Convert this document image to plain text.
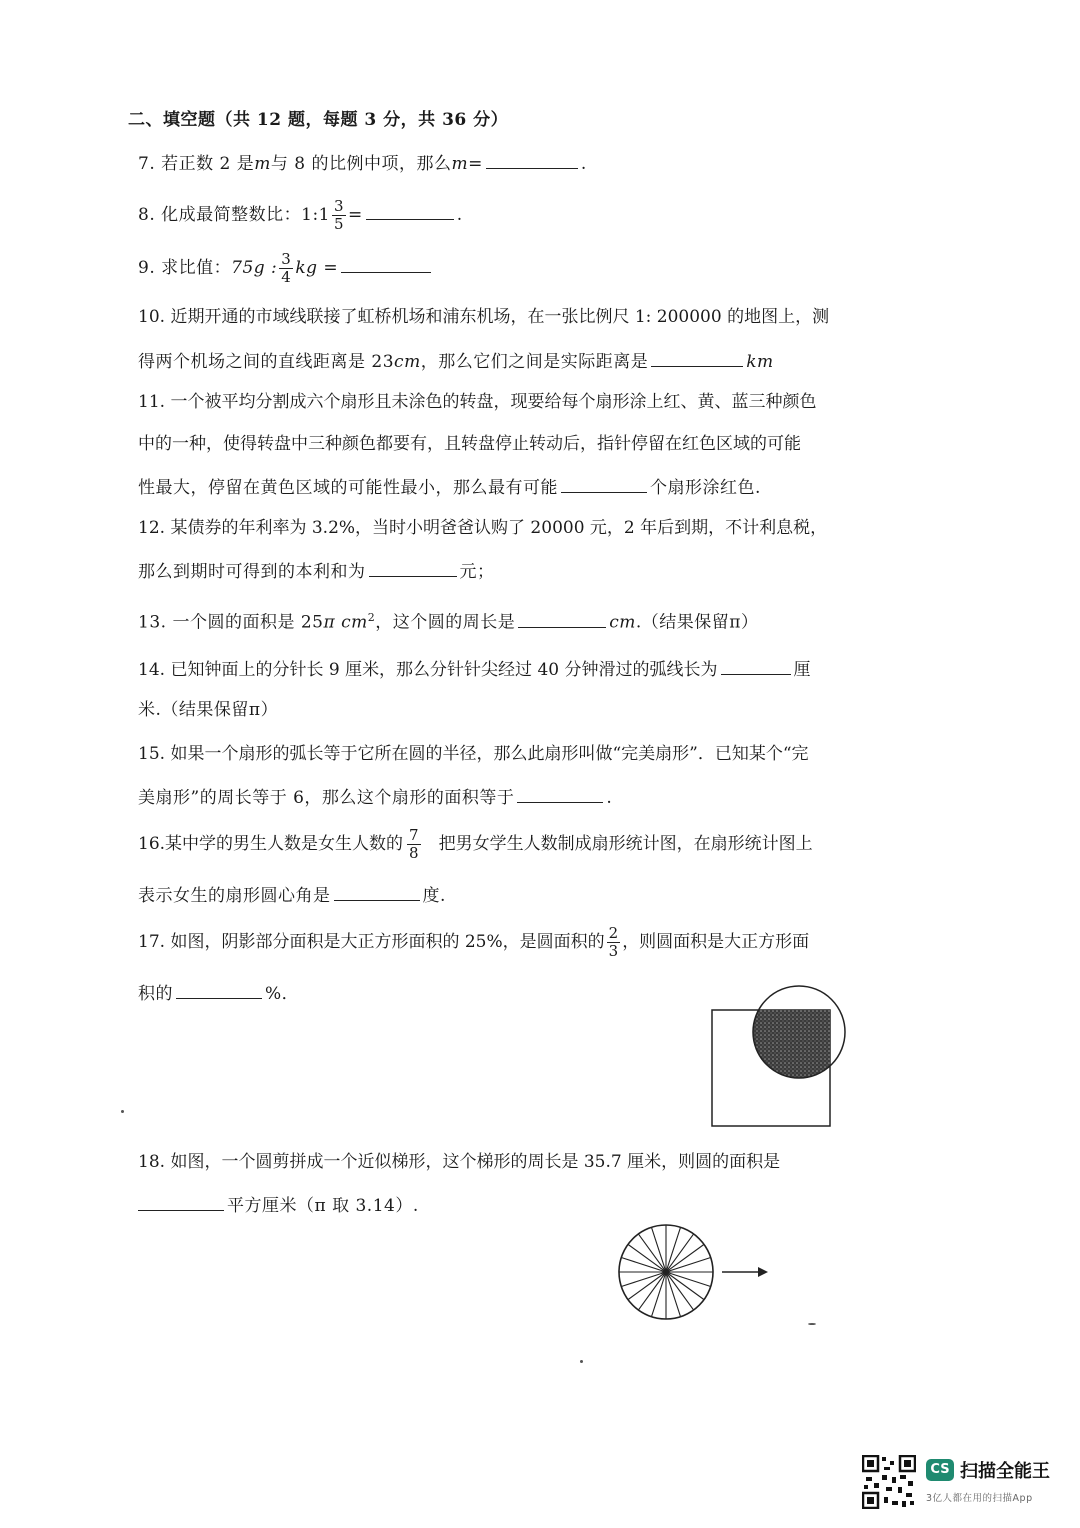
二、填空题（共 12 题，每题 3 分，共 36 分）
7. 若正数 2 是m与 8 的比例中项，那么m=	.
8. 化成最简整数比：1:1 $\frac{3}{5}$ =	.
9. 求比值：75g : $\frac{3}{4}$ kg =
10. 近期开通的市域线联接了虹桥机场和浦东机场，在一张比例尺 1: 200000 的地图上，测
得两个机场之间的直线距离是 23cm，那么它们之间是实际距离是	km
11. 一个被平均分割成六个扇形且未涂色的转盘，现要给每个扇形涂上红、黄、蓝三种颜色
中的一种，使得转盘中三种颜色都要有，且转盘停止转动后，指针停留在红色区域的可能
性最大，停留在黄色区域的可能性最小，那么最有可能	个扇形涂红色.
12. 某债券的年利率为 3.2%，当时小明爸爸认购了 20000 元，2 年后到期，不计利息税，
那么到期时可得到的本利和为	元；
13. 一个圆的面积是 25π $cm^2$，这个圆的周长是	cm.（结果保留π）
14. 已知钟面上的分针长 9 厘米，那么分针针尖经过 40 分钟滑过的弧线长为	厘
米.（结果保留π）
15. 如果一个扇形的弧长等于它所在圆的半径，那么此扇形叫做“完美扇形”．已知某个“完
美扇形”的周长等于 6，那么这个扇形的面积等于	.
16.某中学的男生人数是女生人数的 $\frac{7}{8}$ 把男女学生人数制成扇形统计图，在扇形统计图上
表示女生的扇形圆心角是	度.
17. 如图，阴影部分面积是大正方形面积的 25%，是圆面积的 $\frac{2}{3}$ ，则圆面积是大正方形面
积的	%．
18. 如图，一个圆剪拼成一个近似梯形，这个梯形的周长是 35.7 厘米，则圆的面积是
平方厘米（π 取 3.14）.
CS 扫描全能王
3亿人都在用的扫描App
